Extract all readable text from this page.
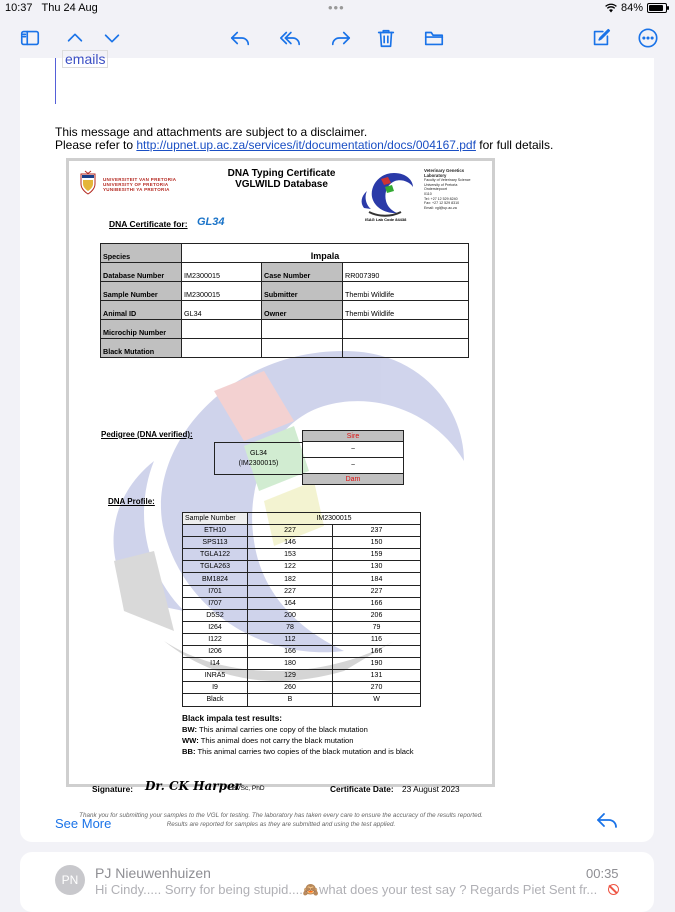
10:37 Thu 24 Aug	•••	84%
emails
This message and attachments are subject to a disclaimer.
Please refer to http://upnet.up.ac.za/services/it/documentation/docs/004167.pdf for full details.
UNIVERSITEIT VAN PRETORIA
UNIVERSITY OF PRETORIA
YUNIBESITHI YA PRETORIA
DNA Typing Certificate
VGLWILD Database
ISAG Lab Code 84438
Veterinary Genetics
Laboratory
Faculty of Veterinary Science
University of Pretoria
Onderstepoort
0110
Tel: +27 12 529 8240
Fax: +27 12 529 8310
Email: vgl@up.ac.za
DNA Certificate for: GL34
Species	Impala		
Database Number	IM2300015	Case Number	RR007390
Sample Number	IM2300015	Submitter	Thembi Wildlife
Animal ID	GL34	Owner	Thembi Wildlife
Microchip Number			
Black Mutation			
Pedigree (DNA verified):
GL34
(IM2300015)
Sire
~
~
Dam
DNA Profile:
Sample Number	IM2300015	
ETH10	227	237
SPS113	146	150
TGLA122	153	159
TGLA263	122	130
BM1824	182	184
I701	227	227
I707	164	166
D5S2	200	206
I264	78	79
I122	112	116
I206	166	166
I14	180	190
INRA5	129	131
I9	260	270
Black	B	W
Black impala test results:
BW: This animal carries one copy of the black mutation
WW: This animal does not carry the black mutation
BB: This animal carries two copies of the black mutation and is black
Signature: Dr. CK Harper
BVSc, PhD	Certificate Date: 23 August 2023
Thank you for submitting your samples to the VGL for testing. The laboratory has taken every care to ensure the accuracy of the results reported. Results are reported for samples as they are submitted and using the test applied.
See More
PN	PJ Nieuwenhuizen	00:35
Hi Cindy..... Sorry for being stupid....🙈what does your test say ? Regards Piet Sent fr...
